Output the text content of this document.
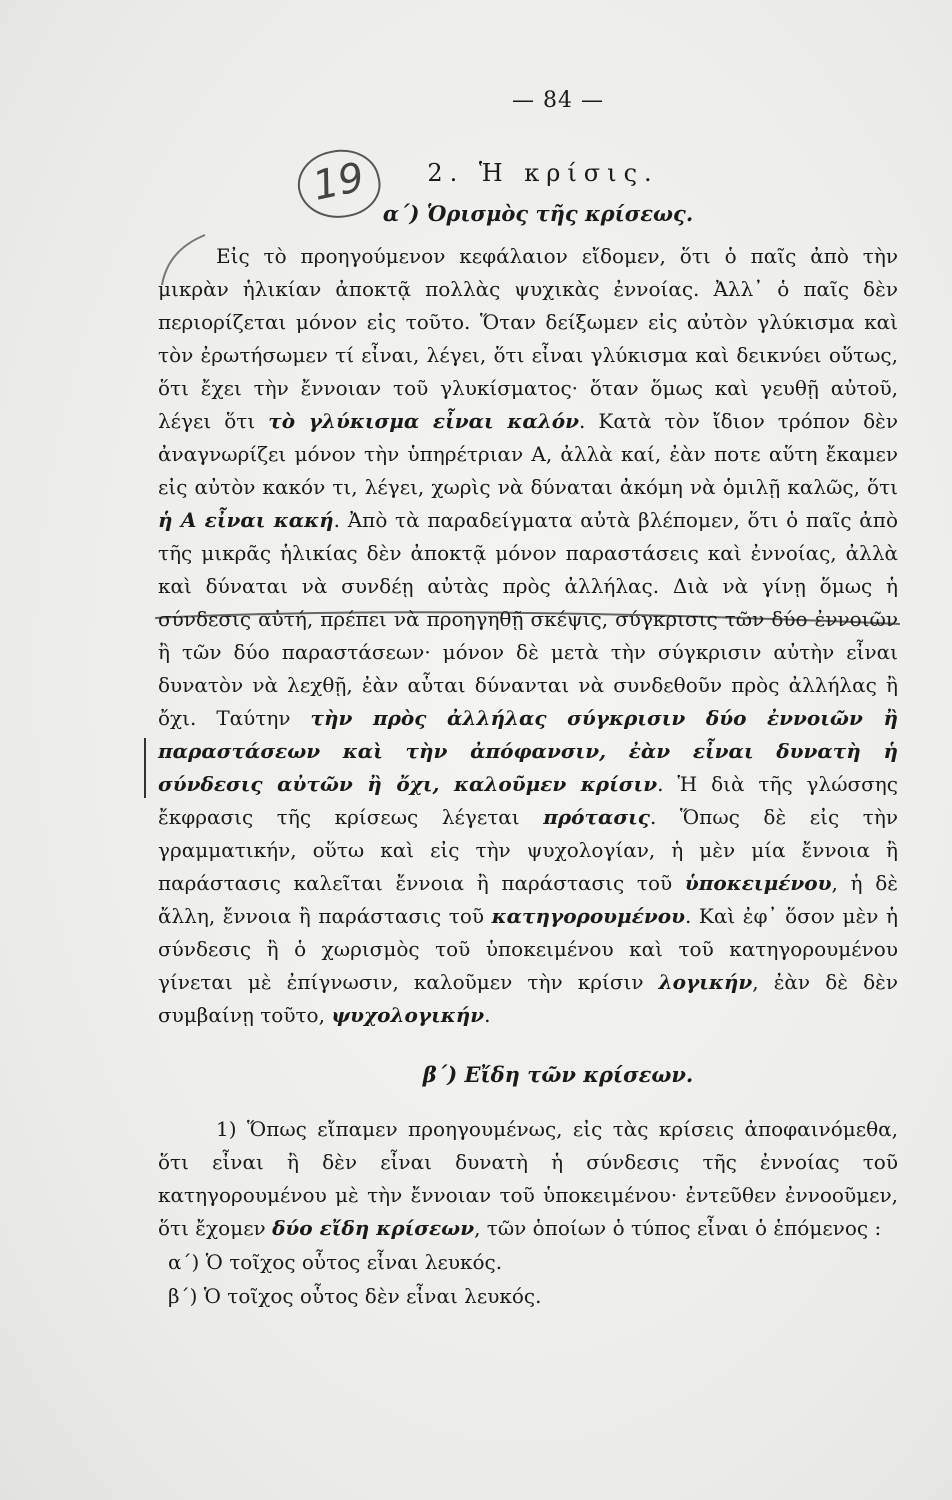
19
— 84 —
2. Ἡ κρίσις.
α΄) Ὁρισμὸς τῆς κρίσεως.

Εἰς τὸ προηγούμενον κεφάλαιον εἴδομεν, ὅτι ὁ παῖς ἀπὸ τὴν μικρὰν ἡλικίαν ἀποκτᾷ πολλὰς ψυχικὰς ἐννοίας. Ἀλλ᾽ ὁ παῖς δὲν περιορίζεται μόνον εἰς τοῦτο. Ὅταν δείξωμεν εἰς αὐτὸν γλύκισμα καὶ τὸν ἐρωτήσωμεν τί εἶναι, λέγει, ὅτι εἶναι γλύκισμα καὶ δεικνύει οὕτως, ὅτι ἔχει τὴν ἔννοιαν τοῦ γλυκίσματος· ὅταν ὅμως καὶ γευθῇ αὐτοῦ, λέγει ὅτι τὸ γλύκισμα εἶναι καλόν. Κατὰ τὸν ἴδιον τρόπον δὲν ἀναγνωρίζει μόνον τὴν ὑπηρέτριαν Α, ἀλλὰ καί, ἐὰν ποτε αὕτη ἔκαμεν εἰς αὐτὸν κακόν τι, λέγει, χωρὶς νὰ δύναται ἀκόμη νὰ ὁμιλῇ καλῶς, ὅτι ἡ Α εἶναι κακή. Ἀπὸ τὰ παραδείγματα αὐτὰ βλέπομεν, ὅτι ὁ παῖς ἀπὸ τῆς μικρᾶς ἡλικίας δὲν ἀποκτᾷ μόνον παραστάσεις καὶ ἐννοίας, ἀλλὰ καὶ δύναται νὰ συνδέῃ αὐτὰς πρὸς ἀλλήλας. Διὰ νὰ γίνῃ ὅμως ἡ σύνδεσις αὐτή, πρέπει νὰ προηγηθῇ σκέψις, σύγκρισις τῶν δύο ἐννοιῶν ἢ τῶν δύο παραστάσεων· μόνον δὲ μετὰ τὴν σύγκρισιν αὐτὴν εἶναι δυνατὸν νὰ λεχθῇ, ἐὰν αὗται δύνανται νὰ συνδεθοῦν πρὸς ἀλλήλας ἢ ὄχι. Ταύτην τὴν πρὸς ἀλλήλας σύγκρισιν δύο ἐννοιῶν ἢ παραστάσεων καὶ τὴν ἀπόφανσιν, ἐὰν εἶναι δυνατὴ ἡ σύνδεσις αὐτῶν ἢ ὄχι, καλοῦμεν κρίσιν. Ἡ διὰ τῆς γλώσσης ἔκφρασις τῆς κρίσεως λέγεται πρότασις. Ὅπως δὲ εἰς τὴν γραμματικήν, οὕτω καὶ εἰς τὴν ψυχολογίαν, ἡ μὲν μία ἔννοια ἢ παράστασις καλεῖται ἔννοια ἢ παράστασις τοῦ ὑποκειμένου, ἡ δὲ ἄλλη, ἔννοια ἢ παράστασις τοῦ κατηγορουμένου. Καὶ ἐφ᾽ ὅσον μὲν ἡ σύνδεσις ἢ ὁ χωρισμὸς τοῦ ὑποκειμένου καὶ τοῦ κατηγορουμένου γίνεται μὲ ἐπίγνωσιν, καλοῦμεν τὴν κρίσιν λογικήν, ἐὰν δὲ δὲν συμβαίνῃ τοῦτο, ψυχολογικήν.

β΄) Εἴδη τῶν κρίσεων.

1) Ὅπως εἴπαμεν προηγουμένως, εἰς τὰς κρίσεις ἀποφαινόμεθα, ὅτι εἶναι ἢ δὲν εἶναι δυνατὴ ἡ σύνδεσις τῆς ἐννοίας τοῦ κατηγορουμένου μὲ τὴν ἔννοιαν τοῦ ὑποκειμένου· ἐντεῦθεν ἐννοοῦμεν, ὅτι ἔχομεν δύο εἴδη κρίσεων, τῶν ὁποίων ὁ τύπος εἶναι ὁ ἑπόμενος :

α΄) Ὁ τοῖχος οὗτος εἶναι λευκός.
β΄) Ὁ τοῖχος οὗτος δὲν εἶναι λευκός.
